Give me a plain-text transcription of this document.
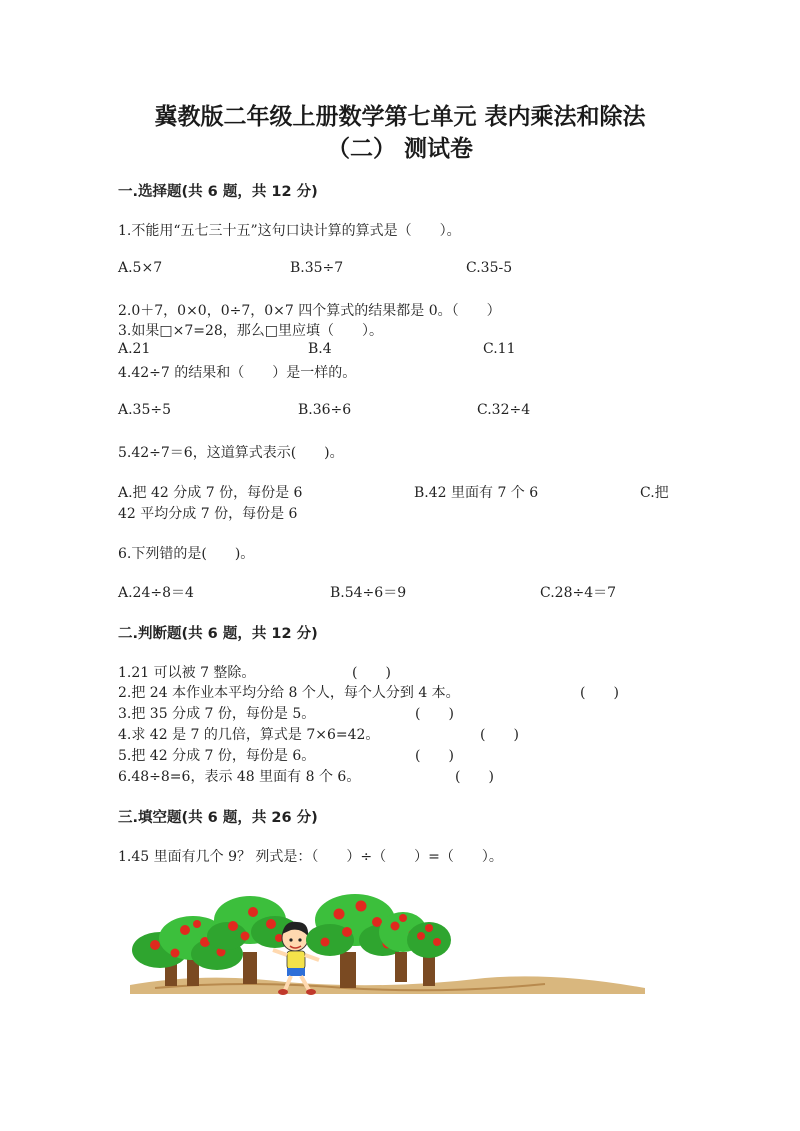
冀教版二年级上册数学第七单元 表内乘法和除法
（二） 测试卷
一.选择题(共 6 题，共 12 分)
1.不能用“五七三十五”这句口诀计算的算式是（　　）。
A.5×7	B.35÷7	C.35-5
2.0＋7，0×0，0÷7，0×7 四个算式的结果都是 0。（　　）
3.如果□×7=28，那么□里应填（　　）。
A.21	B.4	C.11
4.42÷7 的结果和（　　）是一样的。
A.35÷5	B.36÷6	C.32÷4
5.42÷7＝6，这道算式表示(　　)。
A.把 42 分成 7 份，每份是 6	B.42 里面有 7 个 6	C.把
42 平均分成 7 份，每份是 6
6.下列错的是(　　)。
A.24÷8＝4	B.54÷6＝9	C.28÷4＝7
二.判断题(共 6 题，共 12 分)
1.21 可以被 7 整除。	(　　)
2.把 24 本作业本平均分给 8 个人，每个人分到 4 本。	(　　)
3.把 35 分成 7 份，每份是 5。	(　　)
4.求 42 是 7 的几倍，算式是 7×6=42。	(　　)
5.把 42 分成 7 份，每份是 6。	(　　)
6.48÷8=6，表示 48 里面有 8 个 6。	(　　)
三.填空题(共 6 题，共 26 分)
1.45 里面有几个 9？ 列式是：（　　）÷（　　）=（　　）。
